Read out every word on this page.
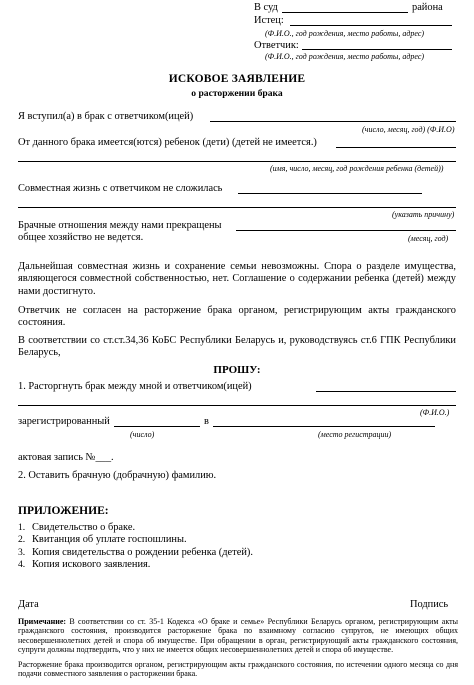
В суд	района
Истец:
(Ф.И.О., год рождения, место работы, адрес)
Ответчик:
(Ф.И.О., год рождения, место работы, адрес)
ИСКОВОЕ ЗАЯВЛЕНИЕ
о расторжении брака
Я вступил(а) в брак с ответчиком(ицей)
(число, месяц, год) (Ф.И.О)
От данного брака имеется(ются) ребенок (дети) (детей не имеется.)
(имя, число, месяц, год рождения ребенка (детей))
Совместная жизнь с ответчиком не сложилась
(указать причину)
Брачные отношения между нами прекращены
общее хозяйство не ведется.	(месяц, год)
Дальнейшая совместная жизнь и сохранение семьи невозможны. Спора о разделе имущества, являющегося совместной собственностью, нет. Соглашение о содержании ребенка (детей) между нами достигнуто.
Ответчик не согласен на расторжение брака органом, регистрирующим акты гражданского состояния.
В соответствии со ст.ст.34,36 КоБС Республики Беларусь и, руководствуясь ст.6 ГПК Республики Беларусь,
ПРОШУ:
1. Расторгнуть брак между мной и ответчиком(ицей)
(Ф.И.О.)
зарегистрированный	в
(число)	(место регистрации)
актовая запись №___.
2. Оставить брачную (добрачную) фамилию.
ПРИЛОЖЕНИЕ:
1. Свидетельство о браке.
2. Квитанция об уплате госпошлины.
3. Копия свидетельства о рождении ребенка (детей).
4. Копия искового заявления.
Дата	Подпись
Примечание: В соответствии со ст. 35-1 Кодекса «О браке и семье» Республики Беларусь органом, регистрирующим акты гражданского состояния, производится расторжение брака по взаимному согласию супругов, не имеющих общих несовершеннолетних детей и спора об имуществе. При обращении в орган, регистрирующий акты гражданского состояния, супруги должны подтвердить, что у них не имеется общих несовершеннолетних детей и спора об имуществе.
Расторжение брака производится органом, регистрирующим акты гражданского состояния, по истечении одного месяца со дня подачи совместного заявления о расторжении брака.
